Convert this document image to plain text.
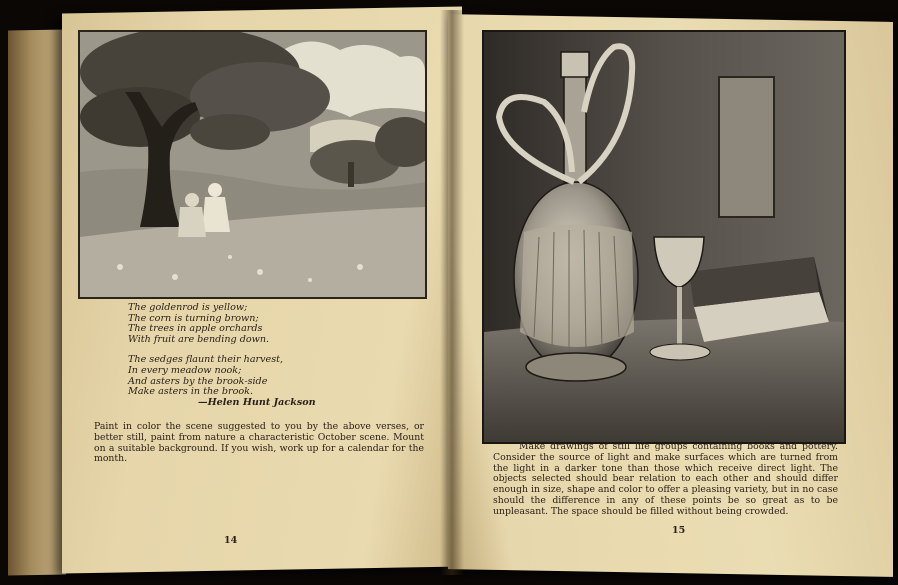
The goldenrod is yellow;
The corn is turning brown;
The trees in apple orchards
With fruit are bending down.
The sedges flaunt their harvest,
In every meadow nook;
And asters by the brook-side
Make asters in the brook.
—Helen Hunt Jackson
Paint in color the scene suggested to you by the above verses, or better still, paint from nature a characteristic October scene. Mount on a suitable background. If you wish, work up for a calendar for the month.
14
Make drawings of still life groups containing books and pottery. Consider the source of light and make surfaces which are turned from the light in a darker tone than those which receive direct light. The objects selected should bear relation to each other and should differ enough in size, shape and color to offer a pleasing variety, but in no case should the difference in any of these points be so great as to be unpleasant. The space should be filled without being crowded.
15
